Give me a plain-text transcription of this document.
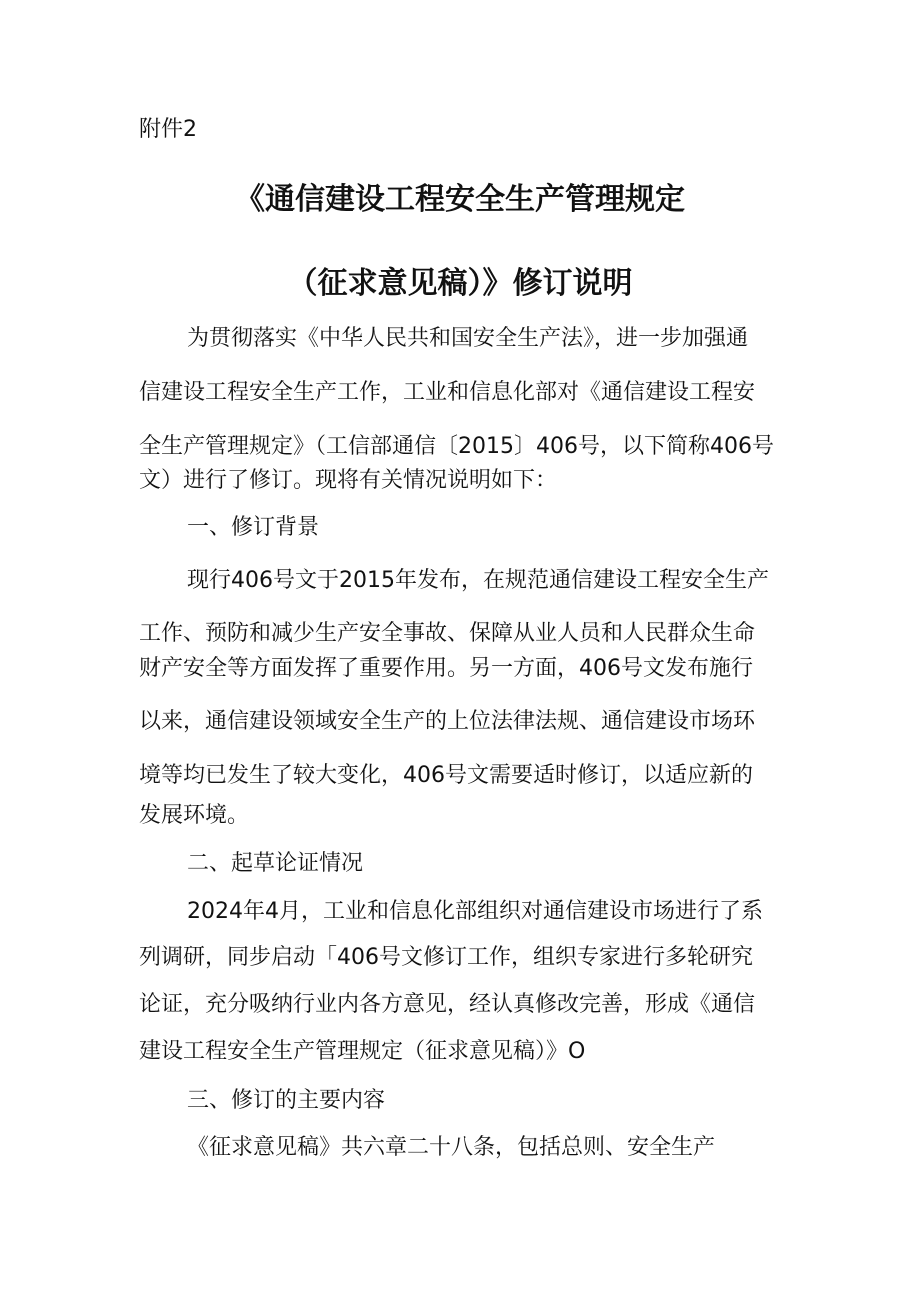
附件2
《通信建设工程安全生产管理规定
（征求意见稿）》修订说明
为贯彻落实《中华人民共和国安全生产法》，进一步加强通
信建设工程安全生产工作，工业和信息化部对《通信建设工程安
全生产管理规定》（工信部通信〔2015〕406号，以下简称406号
文）进行了修订。现将有关情况说明如下：
一、修订背景
现行406号文于2015年发布，在规范通信建设工程安全生产
工作、预防和减少生产安全事故、保障从业人员和人民群众生命
财产安全等方面发挥了重要作用。另一方面，406号文发布施行
以来，通信建设领域安全生产的上位法律法规、通信建设市场环
境等均已发生了较大变化，406号文需要适时修订，以适应新的
发展环境。
二、起草论证情况
2024年4月，工业和信息化部组织对通信建设市场进行了系
列调研，同步启动「406号文修订工作，组织专家进行多轮研究
论证，充分吸纳行业内各方意见，经认真修改完善，形成《通信
建设工程安全生产管理规定（征求意见稿）》O
三、修订的主要内容
《征求意见稿》共六章二十八条，包括总则、安全生产
